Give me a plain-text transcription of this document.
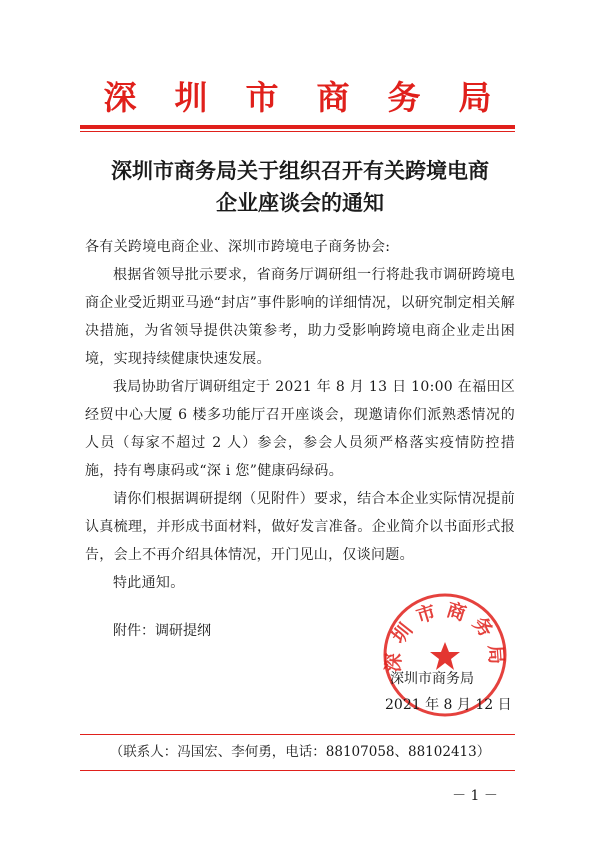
深圳市商务局
深圳市商务局关于组织召开有关跨境电商
企业座谈会的通知

各有关跨境电商企业、深圳市跨境电子商务协会:

根据省领导批示要求，省商务厅调研组一行将赴我市调研跨境电商企业受近期亚马逊“封店”事件影响的详细情况，以研究制定相关解决措施，为省领导提供决策参考，助力受影响跨境电商企业走出困境，实现持续健康快速发展。

我局协助省厅调研组定于 2021 年 8 月 13 日 10:00 在福田区经贸中心大厦 6 楼多功能厅召开座谈会，现邀请你们派熟悉情况的人员（每家不超过 2 人）参会，参会人员须严格落实疫情防控措施，持有粤康码或“深 i 您”健康码绿码。

请你们根据调研提纲（见附件）要求，结合本企业实际情况提前认真梳理，并形成书面材料，做好发言准备。企业简介以书面形式报告，会上不再介绍具体情况，开门见山，仅谈问题。

特此通知。

附件：调研提纲
深圳市商务局
深圳市商务局
2021 年 8 月 12 日
（联系人：冯国宏、李何勇，电话：88107058、88102413）
－ 1 －
